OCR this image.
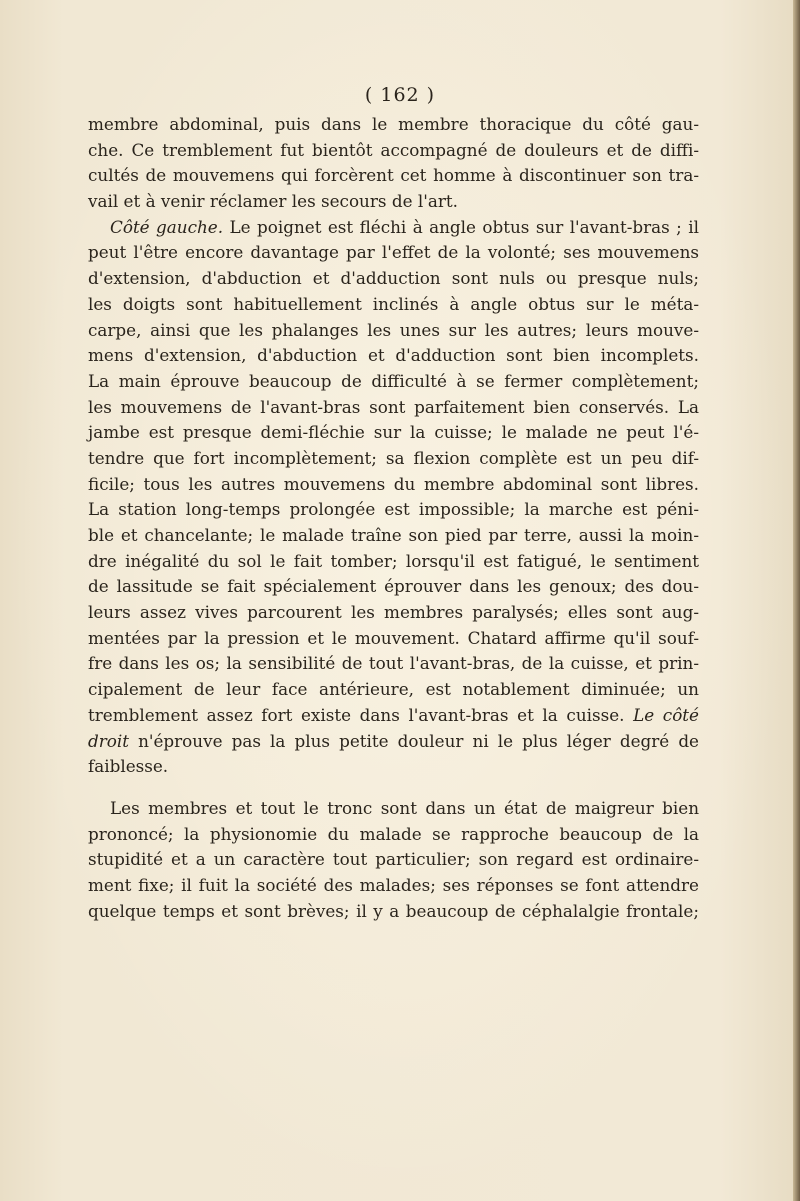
( 162 )
membre abdominal, puis dans le membre thoracique du côté gau-
che. Ce tremblement fut bientôt accompagné de douleurs et de diffi-
cultés de mouvemens qui forcèrent cet homme à discontinuer son tra-
vail et à venir réclamer les secours de l'art.
Côté gauche. Le poignet est fléchi à angle obtus sur l'avant-bras ; il
peut l'être encore davantage par l'effet de la volonté; ses mouvemens
d'extension, d'abduction et d'adduction sont nuls ou presque nuls;
les doigts sont habituellement inclinés à angle obtus sur le méta-
carpe, ainsi que les phalanges les unes sur les autres; leurs mouve-
mens d'extension, d'abduction et d'adduction sont bien incomplets.
La main éprouve beaucoup de difficulté à se fermer complètement;
les mouvemens de l'avant-bras sont parfaitement bien conservés. La
jambe est presque demi-fléchie sur la cuisse; le malade ne peut l'é-
tendre que fort incomplètement; sa flexion complète est un peu dif-
ficile; tous les autres mouvemens du membre abdominal sont libres.
La station long-temps prolongée est impossible; la marche est péni-
ble et chancelante; le malade traîne son pied par terre, aussi la moin-
dre inégalité du sol le fait tomber; lorsqu'il est fatigué, le sentiment
de lassitude se fait spécialement éprouver dans les genoux; des dou-
leurs assez vives parcourent les membres paralysés; elles sont aug-
mentées par la pression et le mouvement. Chatard affirme qu'il souf-
fre dans les os; la sensibilité de tout l'avant-bras, de la cuisse, et prin-
cipalement de leur face antérieure, est notablement diminuée; un
tremblement assez fort existe dans l'avant-bras et la cuisse. Le côté
droit n'éprouve pas la plus petite douleur ni le plus léger degré de
faiblesse.
Les membres et tout le tronc sont dans un état de maigreur bien
prononcé; la physionomie du malade se rapproche beaucoup de la
stupidité et a un caractère tout particulier; son regard est ordinaire-
ment fixe; il fuit la société des malades; ses réponses se font attendre
quelque temps et sont brèves; il y a beaucoup de céphalalgie frontale;
